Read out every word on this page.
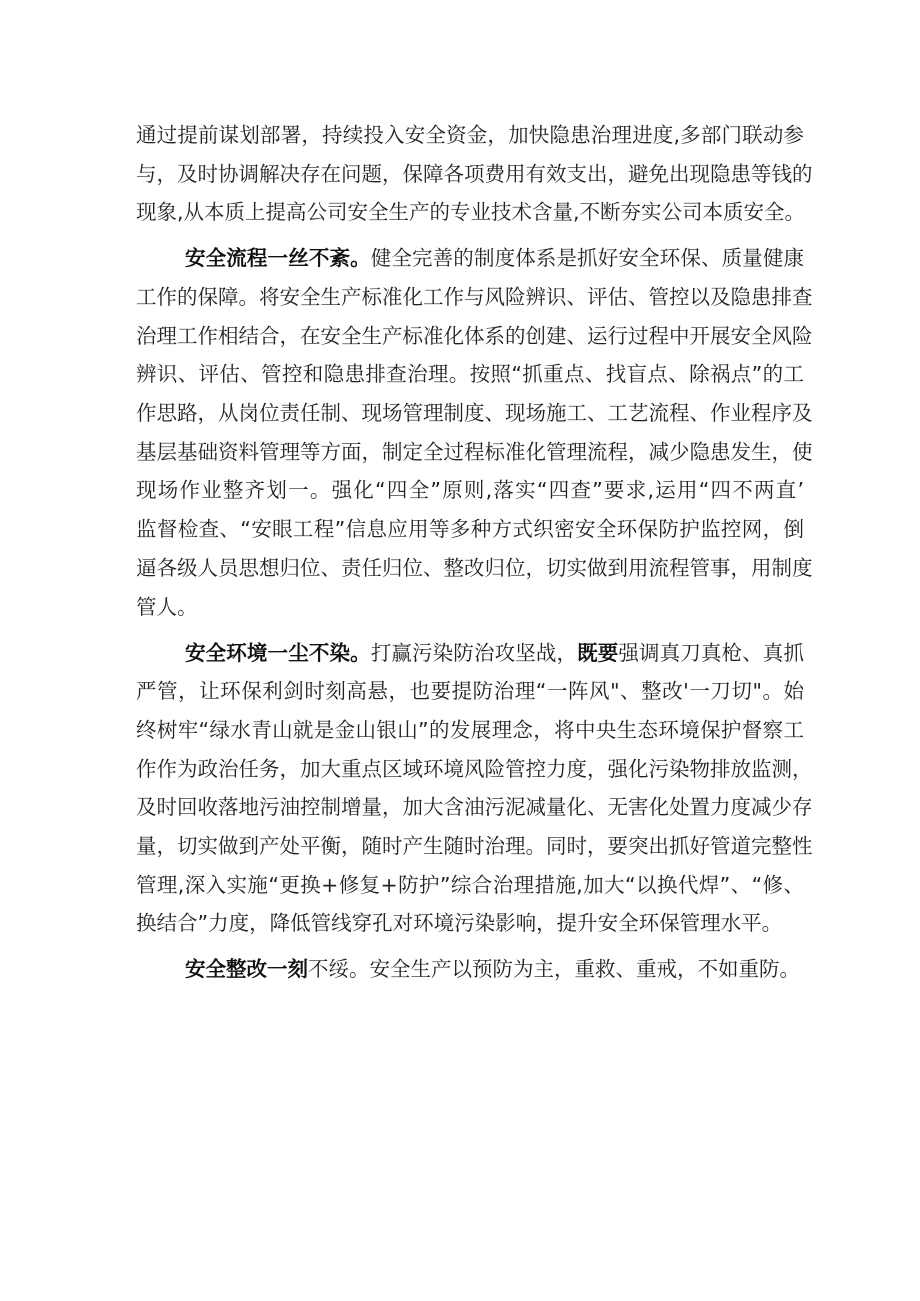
通过提前谋划部署，持续投入安全资金，加快隐患治理进度,多部门联动参
与，及时协调解决存在问题，保障各项费用有效支出，避免出现隐患等钱的
现象,从本质上提高公司安全生产的专业技术含量,不断夯实公司本质安全。
安全流程一丝不紊。健全完善的制度体系是抓好安全环保、质量健康
工作的保障。将安全生产标准化工作与风险辨识、评估、管控以及隐患排查
治理工作相结合，在安全生产标准化体系的创建、运行过程中开展安全风险
辨识、评估、管控和隐患排查治理。按照“抓重点、找盲点、除祸点”的工
作思路，从岗位责任制、现场管理制度、现场施工、工艺流程、作业程序及
基层基础资料管理等方面，制定全过程标准化管理流程，减少隐患发生，使
现场作业整齐划一。强化“四全”原则,落实“四查”要求,运用“四不两直’
监督检查、“安眼工程”信息应用等多种方式织密安全环保防护监控网，倒
逼各级人员思想归位、责任归位、整改归位，切实做到用流程管事，用制度
管人。
安全环境一尘不染。打赢污染防治攻坚战，既要强调真刀真枪、真抓
严管，让环保利剑时刻高悬，也要提防治理“一阵风"、整改'一刀切"。始
终树牢“绿水青山就是金山银山”的发展理念，将中央生态环境保护督察工
作作为政治任务，加大重点区域环境风险管控力度，强化污染物排放监测，
及时回收落地污油控制增量，加大含油污泥减量化、无害化处置力度减少存
量，切实做到产处平衡，随时产生随时治理。同时，要突出抓好管道完整性
管理,深入实施“更换+修复+防护”综合治理措施,加大“以换代焊”、“修、
换结合”力度，降低管线穿孔对环境污染影响，提升安全环保管理水平。
安全整改一刻不绥。安全生产以预防为主，重救、重戒，不如重防。
